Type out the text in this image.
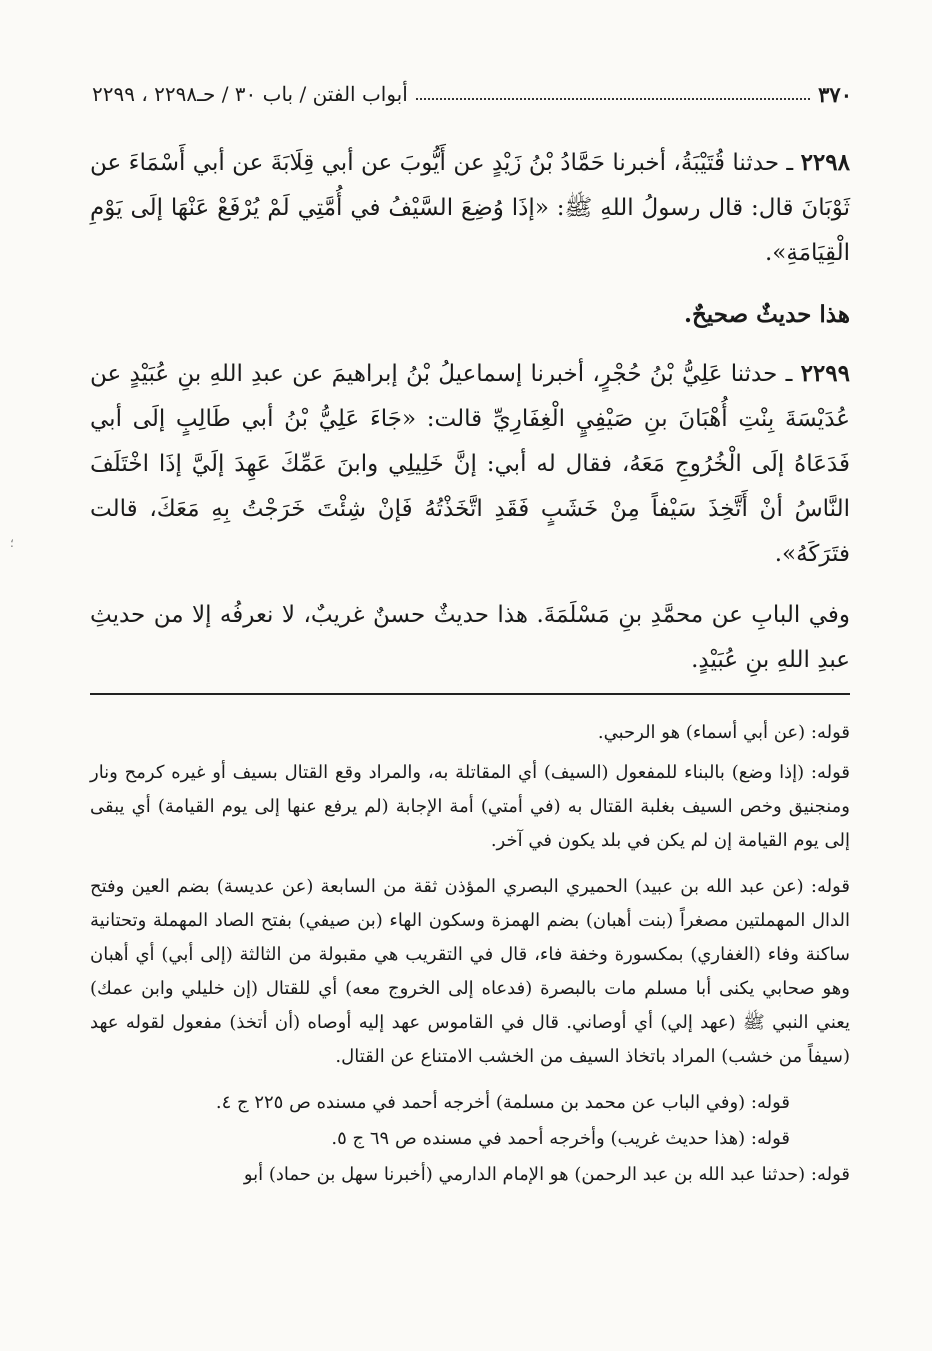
٣٧٠
أبواب الفتن / باب ٣٠ / حـ٢٢٩٨ ، ٢٢٩٩

٢٢٩٨ ـ حدثنا قُتَيْبَةُ، أخبرنا حَمَّادُ بْنُ زَيْدٍ عن أَيُّوبَ عن أبي قِلَابَةَ عن أبي أَسْمَاءَ عن ثَوْبَانَ قال: قال رسولُ اللهِ ﷺ: «إذَا وُضِعَ السَّيْفُ في أُمَّتِي لَمْ يُرْفَعْ عَنْهَا إلَى يَوْمِ الْقِيَامَةِ».

هذا حديثٌ صحيحٌ.

٢٢٩٩ ـ حدثنا عَلِيُّ بْنُ حُجْرٍ، أخبرنا إسماعيلُ بْنُ إبراهيمَ عن عبدِ اللهِ بنِ عُبَيْدٍ عن عُدَيْسَةَ بِنْتِ أُهْبَانَ بنِ صَيْفِيٍ الْغِفَارِيِّ قالت: «جَاءَ عَلِيُّ بْنُ أبي طَالِبٍ إلَى أبي فَدَعَاهُ إلَى الْخُرُوجِ مَعَهُ، فقال له أبي: إنَّ خَلِيلِي وابنَ عَمِّكَ عَهِدَ إلَيَّ إذَا اخْتَلَفَ النَّاسُ أنْ أَتَّخِذَ سَيْفاً مِنْ خَشَبٍ فَقَدِ اتَّخَذْتُهُ فَإنْ شِئْتَ خَرَجْتُ بِهِ مَعَكَ، قالت فتَرَكَهُ».

وفي البابِ عن محمَّدِ بنِ مَسْلَمَةَ. هذا حديثٌ حسنٌ غريبٌ، لا نعرفُه إلا من حديثِ عبدِ اللهِ بنِ عُبَيْدٍ.

قوله: (عن أبي أسماء) هو الرحبي.

قوله: (إذا وضع) بالبناء للمفعول (السيف) أي المقاتلة به، والمراد وقع القتال بسيف أو غيره كرمح ونار ومنجنيق وخص السيف بغلبة القتال به (في أمتي) أمة الإجابة (لم يرفع عنها إلى يوم القيامة) أي يبقى إلى يوم القيامة إن لم يكن في بلد يكون في آخر.

قوله: (عن عبد الله بن عبيد) الحميري البصري المؤذن ثقة من السابعة (عن عديسة) بضم العين وفتح الدال المهملتين مصغراً (بنت أهبان) بضم الهمزة وسكون الهاء (بن صيفي) بفتح الصاد المهملة وتحتانية ساكنة وفاء (الغفاري) بمكسورة وخفة فاء، قال في التقريب هي مقبولة من الثالثة (إلى أبي) أي أهبان وهو صحابي يكنى أبا مسلم مات بالبصرة (فدعاه إلى الخروج معه) أي للقتال (إن خليلي وابن عمك) يعني النبي ﷺ (عهد إلي) أي أوصاني. قال في القاموس عهد إليه أوصاه (أن أتخذ) مفعول لقوله عهد (سيفاً من خشب) المراد باتخاذ السيف من الخشب الامتناع عن القتال.

قوله: (وفي الباب عن محمد بن مسلمة) أخرجه أحمد في مسنده ص ٢٢٥ ج ٤.

قوله: (هذا حديث غريب) وأخرجه أحمد في مسنده ص ٦٩ ج ٥.

قوله: (حدثنا عبد الله بن عبد الرحمن) هو الإمام الدارمي (أخبرنا سهل بن حماد) أبو

؛
